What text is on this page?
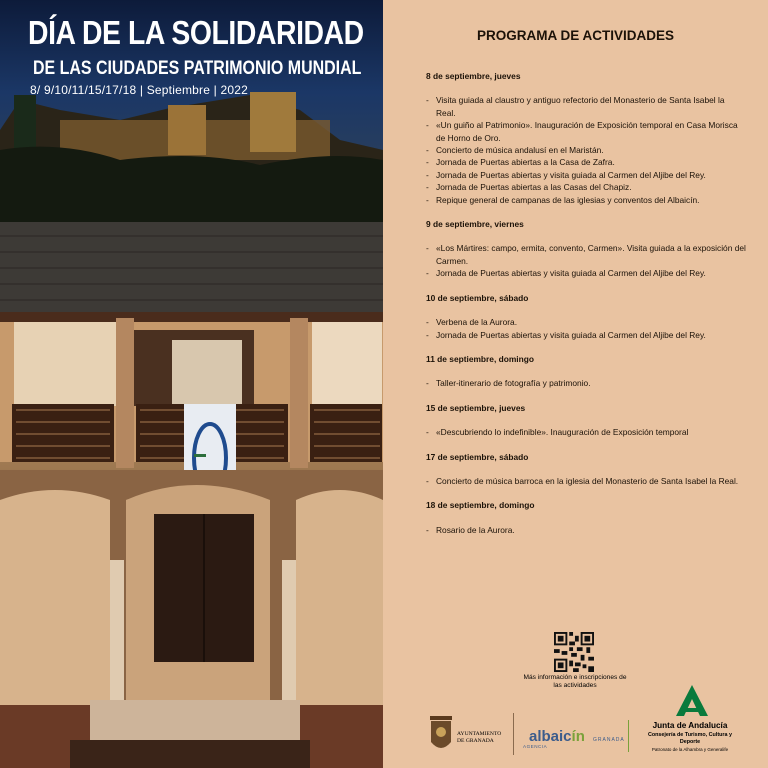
DÍA DE LA SOLIDARIDAD
DE LAS CIUDADES PATRIMONIO MUNDIAL
8/ 9/10/11/15/17/18 | Septiembre | 2022
PROGRAMA DE ACTIVIDADES
8 de septiembre, jueves
- Visita guiada al claustro y antiguo refectorio del Monasterio de Santa Isabel la Real.
- «Un guiño al Patrimonio». Inauguración de Exposición temporal en Casa Morisca de Horno de Oro.
- Concierto de música andalusí en el Maristán.
- Jornada de Puertas abiertas a la Casa de Zafra.
- Jornada de Puertas abiertas y visita guiada al Carmen del Aljibe del Rey.
- Jornada de Puertas abiertas a las Casas del Chapiz.
- Repique general de campanas de las iglesias y conventos del Albaicín.
9 de septiembre, viernes
- «Los Mártires: campo, ermita, convento, Carmen». Visita guiada a la exposición del Carmen.
- Jornada de Puertas abiertas y visita guiada al Carmen del Aljibe del Rey.
10 de septiembre, sábado
- Verbena de la Aurora.
- Jornada de Puertas abiertas y visita guiada al Carmen del Aljibe del Rey.
11 de septiembre, domingo
- Taller-itinerario de fotografía y patrimonio.
15 de septiembre, jueves
- «Descubriendo lo indefinible». Inauguración de Exposición temporal
17 de septiembre, sábado
- Concierto de música barroca en la iglesia del Monasterio de Santa Isabel la Real.
18 de septiembre, domingo
- Rosario de la Aurora.
Más información e inscripciones de las actividades
AYUNTAMIENTO DE GRANADA	albaicín GRANADA
AGENCIA
Junta de Andalucía
Consejería de Turismo, Cultura y Deporte
Patronato de la Alhambra y Generalife
